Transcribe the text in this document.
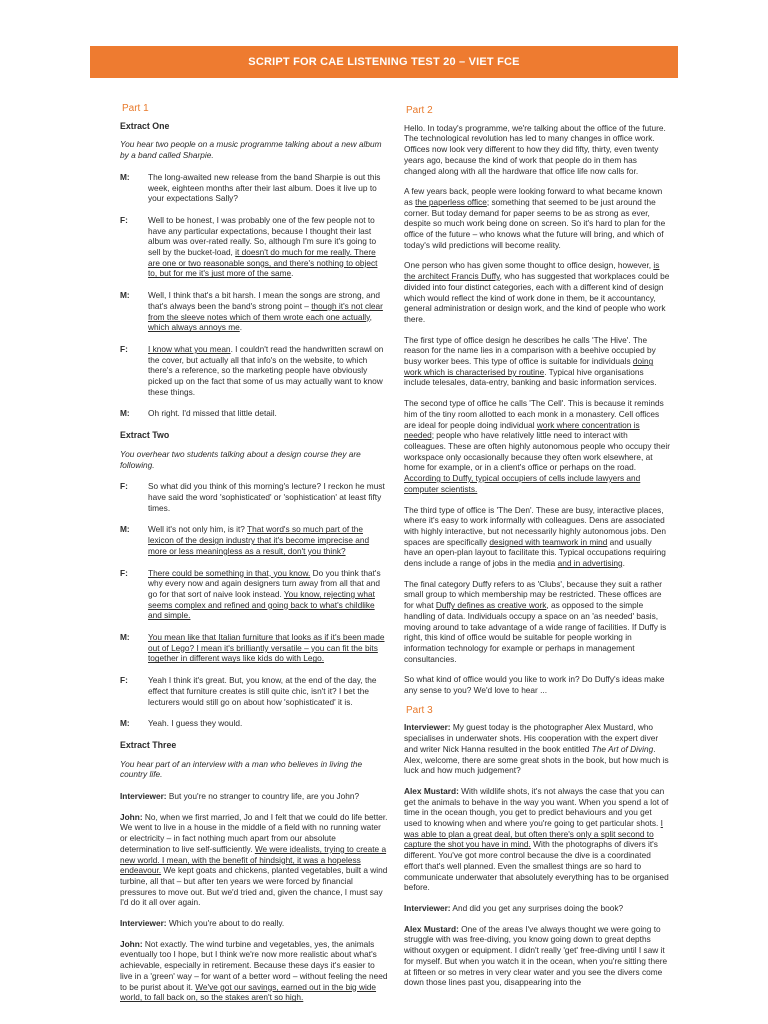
SCRIPT FOR CAE LISTENING TEST 20 – VIET FCE
Part 1
Extract One
You hear two people on a music programme talking about a new album by a band called Sharpie.
M:	The long-awaited new release from the band Sharpie is out this week, eighteen months after their last album. Does it live up to your expectations Sally?
F:	Well to be honest, I was probably one of the few people not to have any particular expectations, because I thought their last album was over-rated really. So, although I'm sure it's going to sell by the bucket-load, it doesn't do much for me really. There are one or two reasonable songs, and there's nothing to object to, but for me it's just more of the same.
M:	Well, I think that's a bit harsh. I mean the songs are strong, and that's always been the band's strong point – though it's not clear from the sleeve notes which of them wrote each one actually, which always annoys me.
F:	I know what you mean. I couldn't read the handwritten scrawl on the cover, but actually all that info's on the website, to which there's a reference, so the marketing people have obviously picked up on the fact that some of us may actually want to know these things.
M:	Oh right. I'd missed that little detail.
Extract Two
You overhear two students talking about a design course they are following.
F:	So what did you think of this morning's lecture? I reckon he must have said the word 'sophisticated' or 'sophistication' at least fifty times.
M:	Well it's not only him, is it? That word's so much part of the lexicon of the design industry that it's become imprecise and more or less meaningless as a result, don't you think?
F:	There could be something in that, you know. Do you think that's why every now and again designers turn away from all that and go for that sort of naive look instead. You know, rejecting what seems complex and refined and going back to what's childlike and simple.
M:	You mean like that Italian furniture that looks as if it's been made out of Lego? I mean it's brilliantly versatile – you can fit the bits together in different ways like kids do with Lego.
F:	Yeah I think it's great. But, you know, at the end of the day, the effect that furniture creates is still quite chic, isn't it? I bet the lecturers would still go on about how 'sophisticated' it is.
M:	Yeah. I guess they would.
Extract Three
You hear part of an interview with a man who believes in living the country life.
Interviewer: But you're no stranger to country life, are you John?
John: No, when we first married, Jo and I felt that we could do life better. We went to live in a house in the middle of a field with no running water or electricity – in fact nothing much apart from our absolute determination to live self-sufficiently. We were idealists, trying to create a new world. I mean, with the benefit of hindsight, it was a hopeless endeavour. We kept goats and chickens, planted vegetables, built a wind turbine, all that – but after ten years we were forced by financial pressures to move out. But we'd tried and, given the chance, I must say I'd do it all over again.
Interviewer: Which you're about to do really.
John: Not exactly. The wind turbine and vegetables, yes, the animals eventually too I hope, but I think we're now more realistic about what's achievable, especially in retirement. Because these days it's easier to live in a 'green' way – for want of a better word – without feeling the need to be purist about it. We've got our savings, earned out in the big wide world, to fall back on, so the stakes aren't so high.
Part 2
Hello. In today's programme, we're talking about the office of the future. The technological revolution has led to many changes in office work. Offices now look very different to how they did fifty, thirty, even twenty years ago, because the kind of work that people do in them has changed along with all the hardware that office life now calls for.
A few years back, people were looking forward to what became known as the paperless office; something that seemed to be just around the corner. But today demand for paper seems to be as strong as ever, despite so much work being done on screen. So it's hard to plan for the office of the future – who knows what the future will bring, and which of today's wild predictions will become reality.
One person who has given some thought to office design, however, is the architect Francis Duffy, who has suggested that workplaces could be divided into four distinct categories, each with a different kind of design which would reflect the kind of work done in them, be it accountancy, general administration or design work, and the kind of people who work there.
The first type of office design he describes he calls 'The Hive'. The reason for the name lies in a comparison with a beehive occupied by busy worker bees. This type of office is suitable for individuals doing work which is characterised by routine. Typical hive organisations include telesales, data-entry, banking and basic information services.
The second type of office he calls 'The Cell'. This is because it reminds him of the tiny room allotted to each monk in a monastery. Cell offices are ideal for people doing individual work where concentration is needed; people who have relatively little need to interact with colleagues. These are often highly autonomous people who occupy their workspace only occasionally because they often work elsewhere, at home for example, or in a client's office or perhaps on the road. According to Duffy, typical occupiers of cells include lawyers and computer scientists.
The third type of office is 'The Den'. These are busy, interactive places, where it's easy to work informally with colleagues. Dens are associated with highly interactive, but not necessarily highly autonomous jobs. Den spaces are specifically designed with teamwork in mind and usually have an open-plan layout to facilitate this. Typical occupations requiring dens include a range of jobs in the media and in advertising.
The final category Duffy refers to as 'Clubs', because they suit a rather small group to which membership may be restricted. These offices are for what Duffy defines as creative work, as opposed to the simple handling of data. Individuals occupy a space on an 'as needed' basis, moving around to take advantage of a wide range of facilities. If Duffy is right, this kind of office would be suitable for people working in information technology for example or perhaps in management consultancies.
So what kind of office would you like to work in? Do Duffy's ideas make any sense to you? We'd love to hear ...
Part 3
Interviewer: My guest today is the photographer Alex Mustard, who specialises in underwater shots. His cooperation with the expert diver and writer Nick Hanna resulted in the book entitled The Art of Diving. Alex, welcome, there are some great shots in the book, but how much is luck and how much judgement?
Alex Mustard: With wildlife shots, it's not always the case that you can get the animals to behave in the way you want. When you spend a lot of time in the ocean though, you get to predict behaviours and you get used to knowing when and where you're going to get particular shots. I was able to plan a great deal, but often there's only a split second to capture the shot you have in mind. With the photographs of divers it's different. You've got more control because the dive is a coordinated effort that's well planned. Even the smallest things are so hard to communicate underwater that absolutely everything has to be organised before.
Interviewer: And did you get any surprises doing the book?
Alex Mustard: One of the areas I've always thought we were going to struggle with was free-diving, you know going down to great depths without oxygen or equipment. I didn't really 'get' free-diving until I saw it for myself. But when you watch it in the ocean, when you're sitting there at fifteen or so metres in very clear water and you see the divers come down those lines past you, disappearing into the
